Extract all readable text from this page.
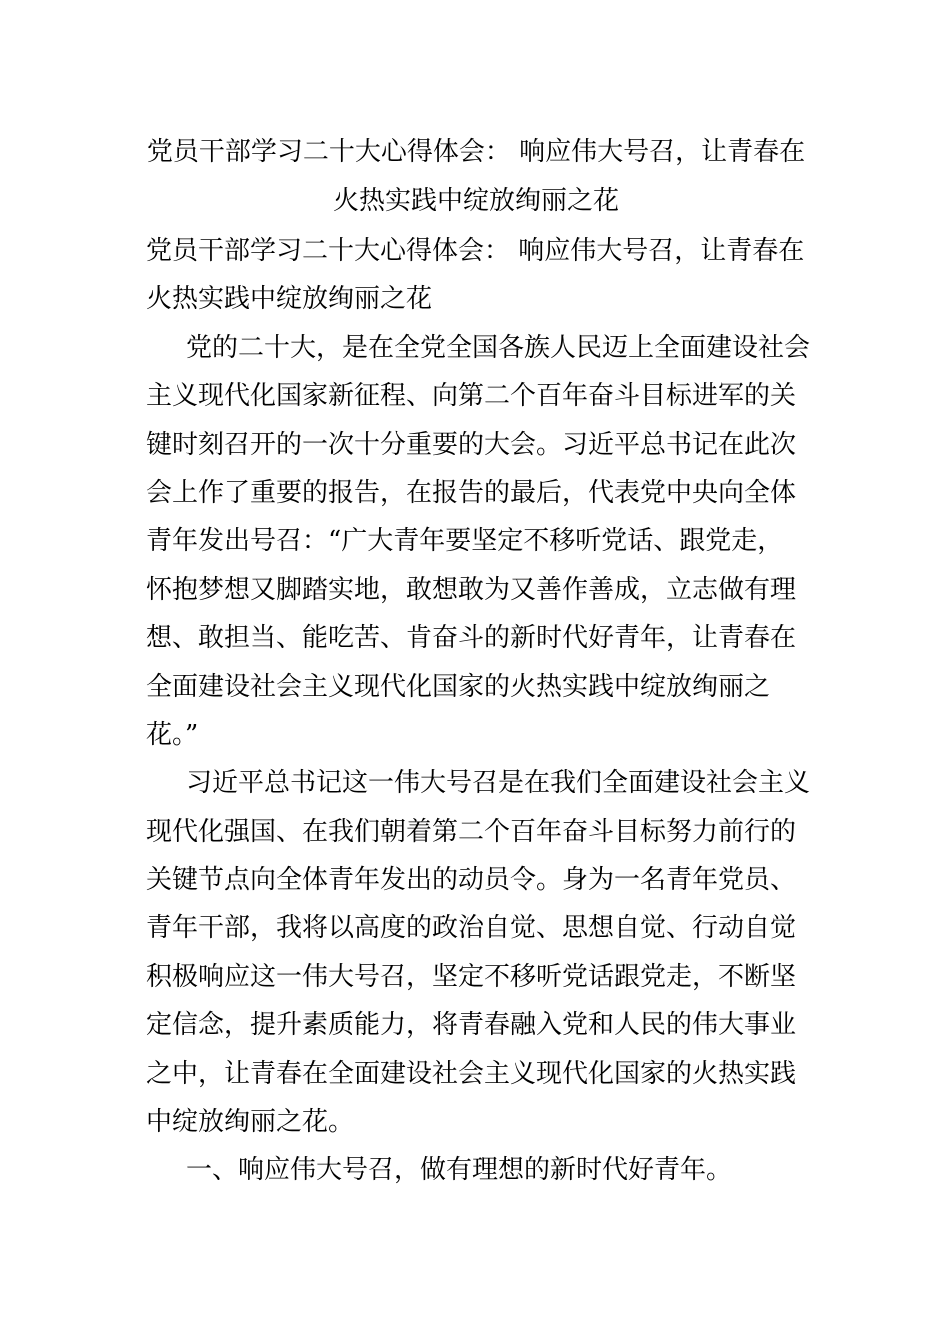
党员干部学习二十大心得体会： 响应伟大号召，让青春在
火热实践中绽放绚丽之花
党员干部学习二十大心得体会： 响应伟大号召，让青春在
火热实践中绽放绚丽之花
党的二十大，是在全党全国各族人民迈上全面建设社会
主义现代化国家新征程、向第二个百年奋斗目标进军的关
键时刻召开的一次十分重要的大会。习近平总书记在此次
会上作了重要的报告，在报告的最后，代表党中央向全体
青年发出号召：“广大青年要坚定不移听党话、跟党走，
怀抱梦想又脚踏实地，敢想敢为又善作善成，立志做有理
想、敢担当、能吃苦、肯奋斗的新时代好青年，让青春在
全面建设社会主义现代化国家的火热实践中绽放绚丽之
花。”
习近平总书记这一伟大号召是在我们全面建设社会主义
现代化强国、在我们朝着第二个百年奋斗目标努力前行的
关键节点向全体青年发出的动员令。身为一名青年党员、
青年干部，我将以高度的政治自觉、思想自觉、行动自觉
积极响应这一伟大号召，坚定不移听党话跟党走，不断坚
定信念，提升素质能力，将青春融入党和人民的伟大事业
之中，让青春在全面建设社会主义现代化国家的火热实践
中绽放绚丽之花。
一、响应伟大号召，做有理想的新时代好青年。
